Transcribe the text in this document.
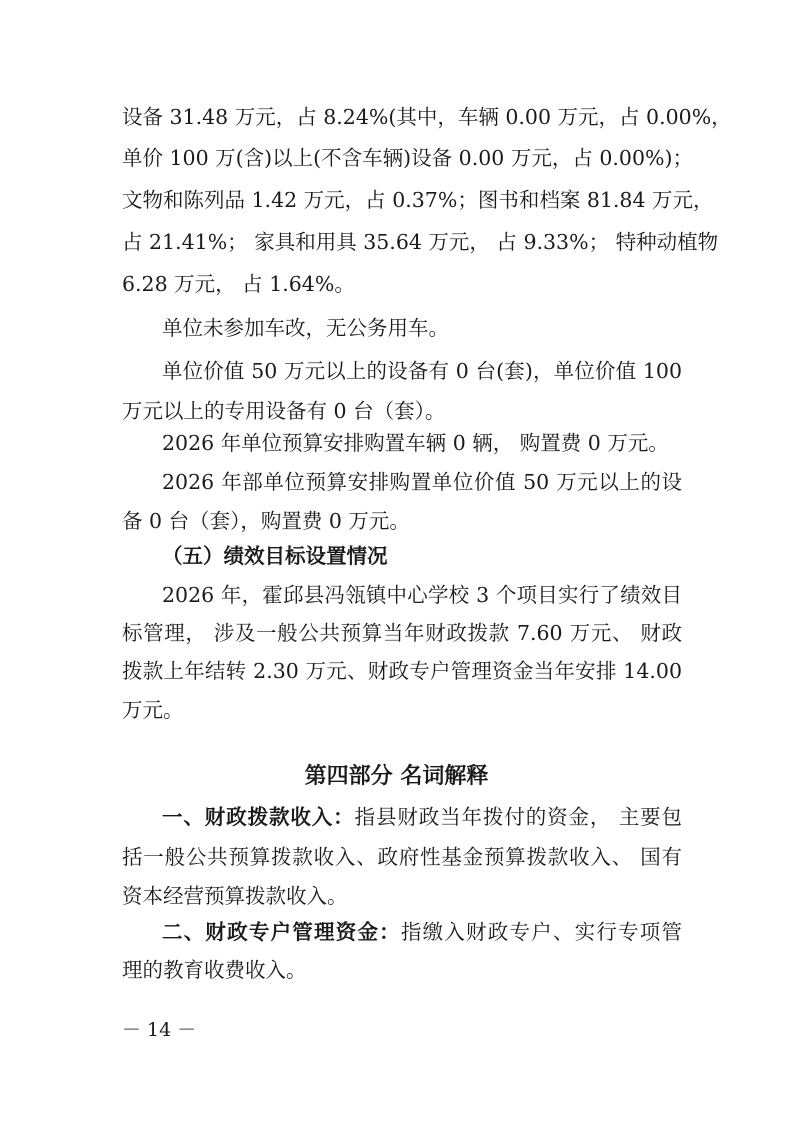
设备 31.48 万元，占 8.24%(其中，车辆 0.00 万元，占 0.00%，
单价 100 万(含)以上(不含车辆)设备 0.00 万元，占 0.00%)；
文物和陈列品 1.42 万元，占 0.37%；图书和档案 81.84 万元，
占 21.41%； 家具和用具 35.64 万元， 占 9.33%； 特种动植物
6.28 万元， 占 1.64%。
单位未参加车改，无公务用车。
单位价值 50 万元以上的设备有 0 台(套)，单位价值 100
万元以上的专用设备有 0 台（套）。
2026 年单位预算安排购置车辆 0 辆， 购置费 0 万元。
2026 年部单位预算安排购置单位价值 50 万元以上的设
备 0 台（套），购置费 0 万元。
（五）绩效目标设置情况
2026 年，霍邱县冯瓴镇中心学校 3 个项目实行了绩效目
标管理， 涉及一般公共预算当年财政拨款 7.60 万元、 财政
拨款上年结转 2.30 万元、财政专户管理资金当年安排 14.00
万元。
第四部分 名词解释
一、财政拨款收入：指县财政当年拨付的资金， 主要包
括一般公共预算拨款收入、政府性基金预算拨款收入、 国有
资本经营预算拨款收入。
二、财政专户管理资金：指缴入财政专户、实行专项管
理的教育收费收入。
－ 14 －
